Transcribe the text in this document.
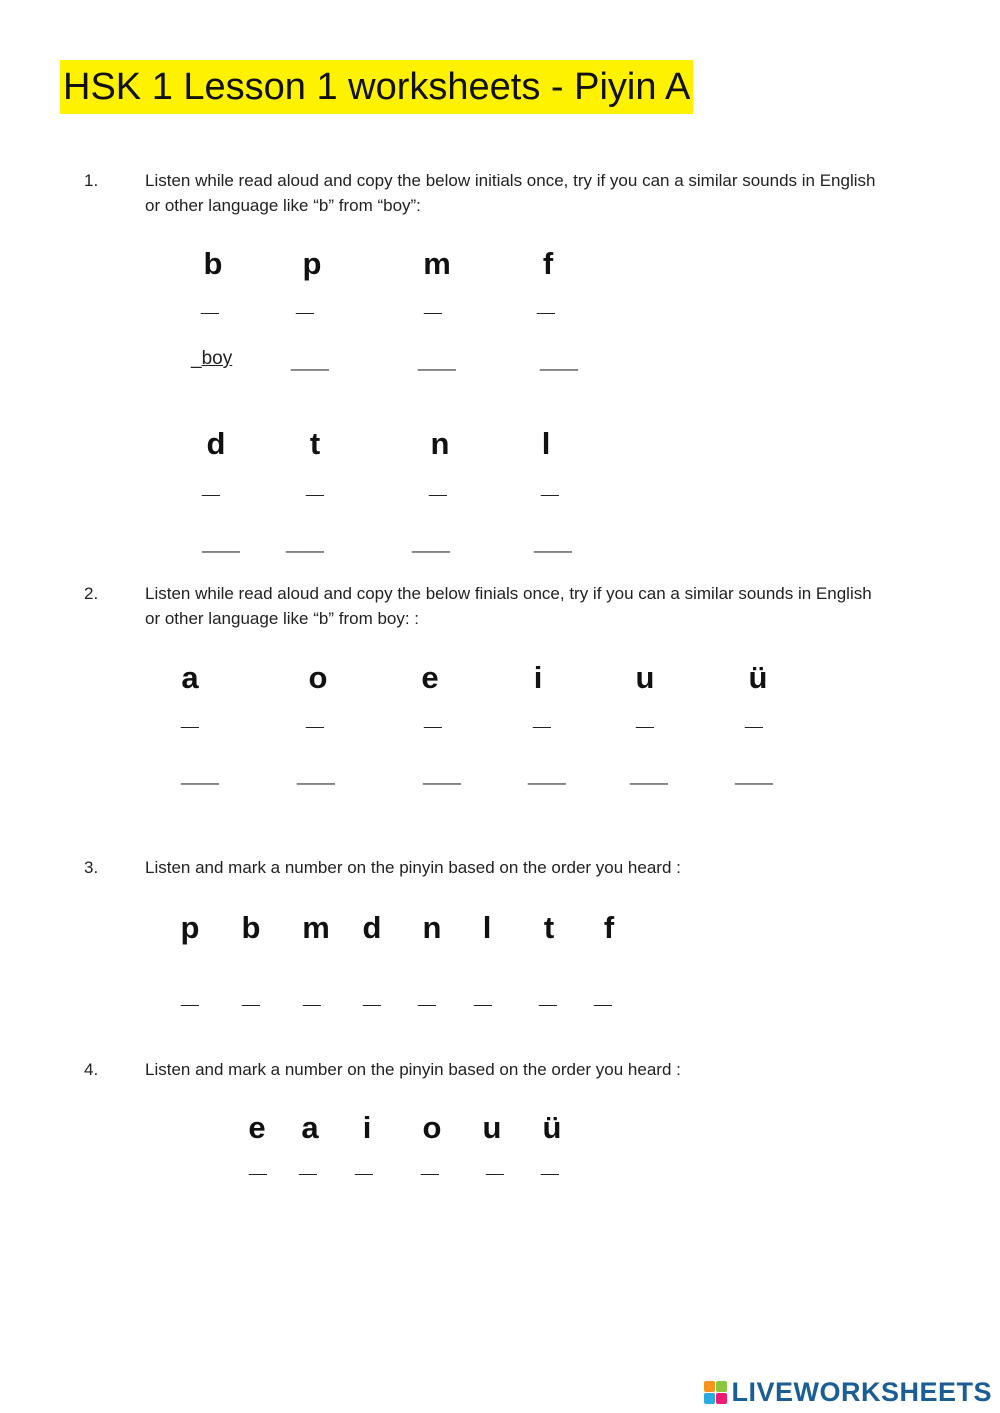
HSK 1 Lesson 1 worksheets - Piyin A
1.	Listen while read aloud and copy the below initials once, try if you can a similar sounds in English
or other language like “b” from “boy”:
b	p	m	f
__	__	__	__
_boy	____	____	____
d	t	n	l
__	__	__	__
____	____	____	____
2.	Listen while read aloud and copy the below finials once, try if you can a similar sounds in English
or other language like “b” from boy: :
a	o	e	i	u	ü
__	__	__	__	__	__
____	____	____	____	____	____
3.	Listen and mark a number on the pinyin based on the order you heard :
p b m d n l t f
__	__	__	__ __ __	__ __
4.	Listen and mark a number on the pinyin based on the order you heard :
e a i o u ü
__ __ __	__	__ __
LIVEWORKSHEETS
